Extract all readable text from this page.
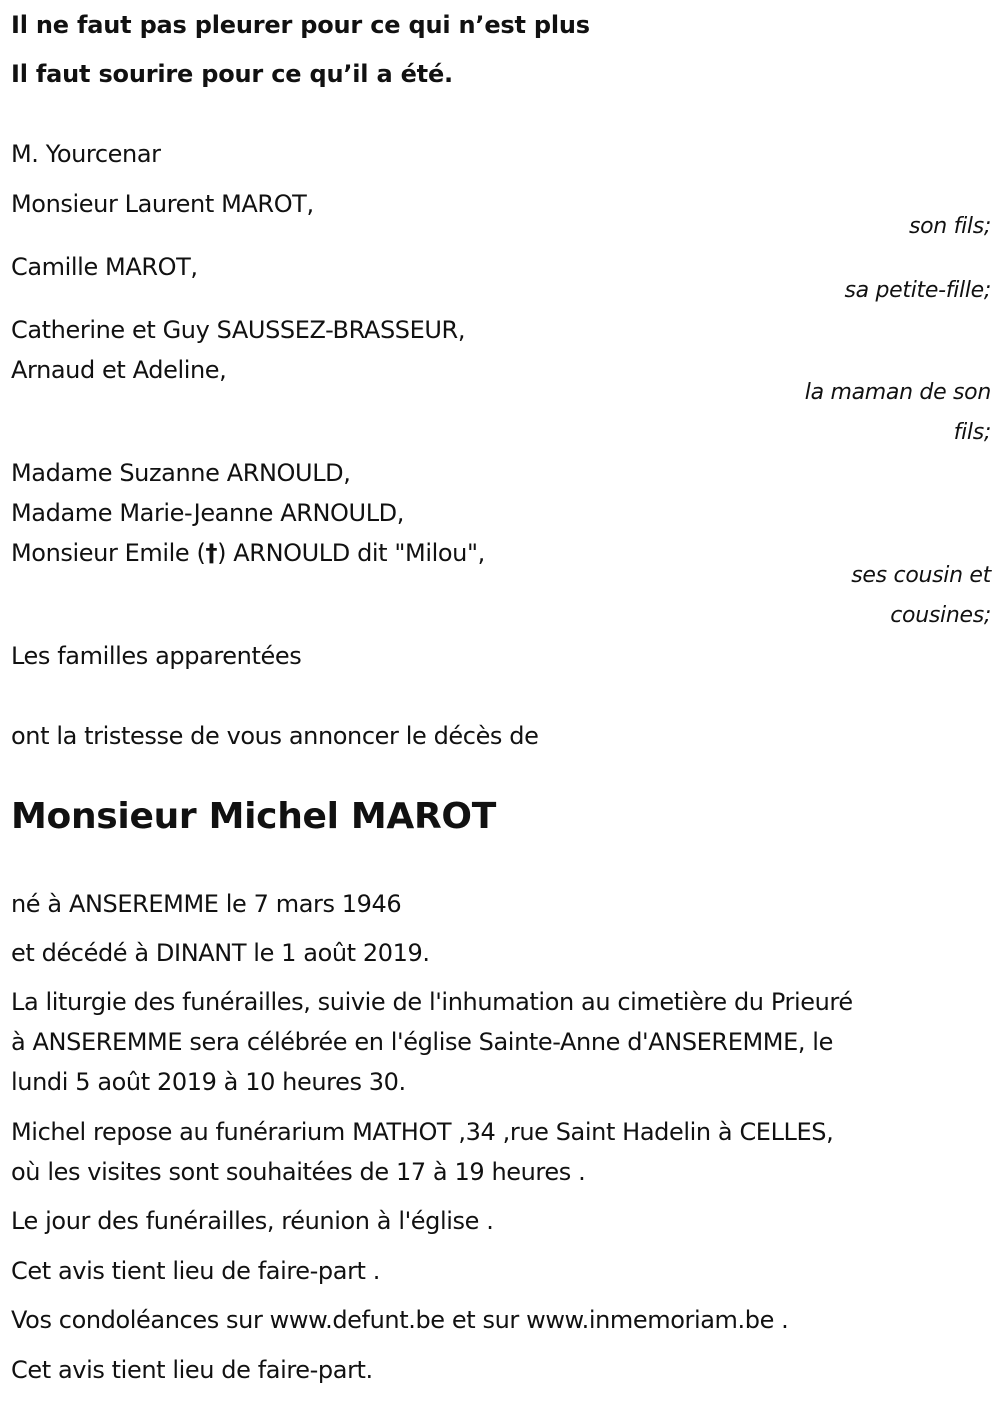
Il ne faut pas pleurer pour ce qui n’est plus
Il faut sourire pour ce qu’il a été.
M. Yourcenar
Monsieur Laurent MAROT,
son fils;
Camille MAROT,
sa petite-fille;
Catherine et Guy SAUSSEZ-BRASSEUR,
Arnaud et Adeline,
la maman de son
fils;
Madame Suzanne ARNOULD,
Madame Marie-Jeanne ARNOULD,
Monsieur Emile (†) ARNOULD dit "Milou",
ses cousin et
cousines;
Les familles apparentées
ont la tristesse de vous annoncer le décès de
Monsieur Michel MAROT
né à ANSEREMME le 7 mars 1946
et décédé à DINANT le 1 août 2019.
La liturgie des funérailles, suivie de l'inhumation au cimetière du Prieuré
à ANSEREMME sera célébrée en l'église Sainte-Anne d'ANSEREMME, le
lundi 5 août 2019 à 10 heures 30.
Michel repose au funérarium MATHOT ,34 ,rue Saint Hadelin à CELLES,
où les visites sont souhaitées de 17 à 19 heures .
Le jour des funérailles, réunion à l'église .
Cet avis tient lieu de faire-part .
Vos condoléances sur www.defunt.be et sur www.inmemoriam.be .
Cet avis tient lieu de faire-part.
